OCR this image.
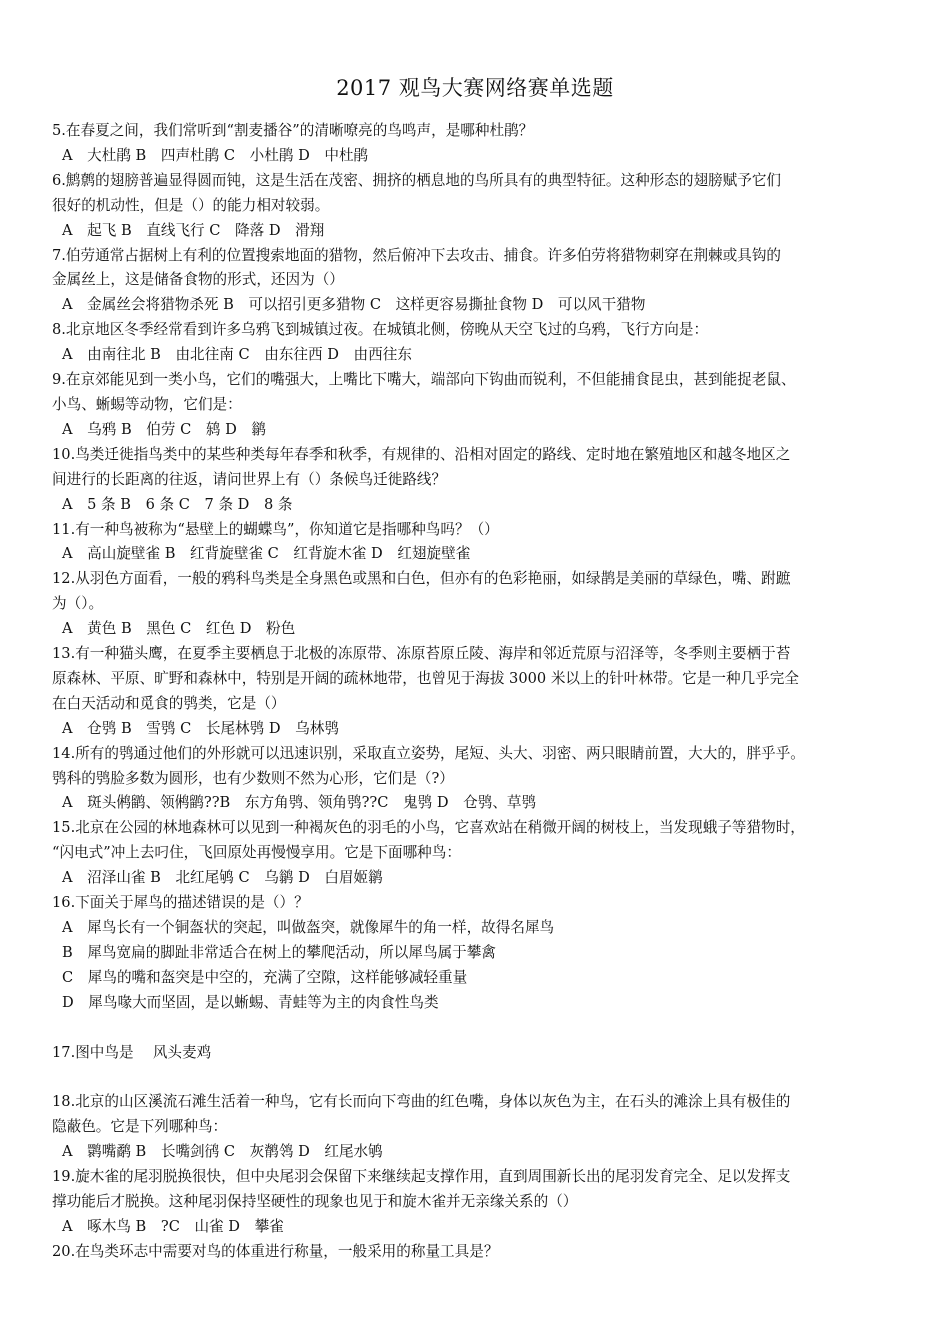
2017 观鸟大赛网络赛单选题
5.在春夏之间，我们常听到“割麦播谷”的清晰嘹亮的鸟鸣声，是哪种杜鹃？
A　大杜鹃 B　四声杜鹃 C　小杜鹃 D　中杜鹃
6.鹪鹩的翅膀普遍显得圆而钝，这是生活在茂密、拥挤的栖息地的鸟所具有的典型特征。这种形态的翅膀赋予它们
很好的机动性，但是（）的能力相对较弱。
A　起飞 B　直线飞行 C　降落 D　滑翔
7.伯劳通常占据树上有利的位置搜索地面的猎物，然后俯冲下去攻击、捕食。许多伯劳将猎物刺穿在荆棘或具钩的
金属丝上，这是储备食物的形式，还因为（）
A　金属丝会将猎物杀死 B　可以招引更多猎物 C　这样更容易撕扯食物 D　可以风干猎物
8.北京地区冬季经常看到许多乌鸦飞到城镇过夜。在城镇北侧，傍晚从天空飞过的乌鸦，飞行方向是：
A　由南往北 B　由北往南 C　由东往西 D　由西往东
9.在京郊能见到一类小鸟，它们的嘴强大，上嘴比下嘴大，端部向下钩曲而锐利，不但能捕食昆虫，甚到能捉老鼠、
小鸟、蜥蜴等动物，它们是：
A　乌鸦 B　伯劳 C　鸫 D　鹟
10.鸟类迁徙指鸟类中的某些种类每年春季和秋季，有规律的、沿相对固定的路线、定时地在繁殖地区和越冬地区之
间进行的长距离的往返，请问世界上有（）条候鸟迁徙路线？
A　5 条 B　6 条 C　7 条 D　8 条
11.有一种鸟被称为“悬壁上的蝴蝶鸟”，你知道它是指哪种鸟吗？（）
A　高山旋壁雀 B　红背旋壁雀 C　红背旋木雀 D　红翅旋壁雀
12.从羽色方面看，一般的鸦科鸟类是全身黑色或黑和白色，但亦有的色彩艳丽，如绿鹊是美丽的草绿色，嘴、跗蹠
为（）。
A　黄色 B　黑色 C　红色 D　粉色
13.有一种猫头鹰，在夏季主要栖息于北极的冻原带、冻原苔原丘陵、海岸和邻近荒原与沼泽等，冬季则主要栖于苔
原森林、平原、旷野和森林中，特别是开阔的疏林地带，也曾见于海拔 3000 米以上的针叶林带。它是一种几乎完全
在白天活动和觅食的鸮类，它是（）
A　仓鸮 B　雪鸮 C　长尾林鸮 D　乌林鸮
14.所有的鸮通过他们的外形就可以迅速识别，采取直立姿势，尾短、头大、羽密、两只眼睛前置，大大的，胖乎乎。
鸮科的鸮脸多数为圆形，也有少数则不然为心形，它们是（?）
A　斑头鸺鹠、领鸺鹠??B　东方角鸮、领角鸮??C　鬼鸮 D　仓鸮、草鸮
15.北京在公园的林地森林可以见到一种褐灰色的羽毛的小鸟，它喜欢站在稍微开阔的树枝上，当发现蛾子等猎物时，
“闪电式”冲上去叼住，飞回原处再慢慢享用。它是下面哪种鸟：
A　沼泽山雀 B　北红尾鸲 C　乌鹟 D　白眉姬鹟
16.下面关于犀鸟的描述错误的是（）？
A　犀鸟长有一个铜盔状的突起，叫做盔突，就像犀牛的角一样，故得名犀鸟
B　犀鸟宽扁的脚趾非常适合在树上的攀爬活动，所以犀鸟属于攀禽
C　犀鸟的嘴和盔突是中空的，充满了空隙，这样能够减轻重量
D　犀鸟喙大而坚固，是以蜥蜴、青蛙等为主的肉食性鸟类
17.图中鸟是　 风头麦鸡
18.北京的山区溪流石滩生活着一种鸟，它有长而向下弯曲的红色嘴，身体以灰色为主，在石头的滩涂上具有极佳的
隐蔽色。它是下列哪种鸟：
A　鹮嘴鹬 B　长嘴剑鸻 C　灰鹡鸰 D　红尾水鸲
19.旋木雀的尾羽脱换很快，但中央尾羽会保留下来继续起支撑作用，直到周围新长出的尾羽发育完全、足以发挥支
撑功能后才脱换。这种尾羽保持坚硬性的现象也见于和旋木雀并无亲缘关系的（）
A　啄木鸟 B　?C　山雀 D　攀雀
20.在鸟类环志中需要对鸟的体重进行称量，一般采用的称量工具是？
